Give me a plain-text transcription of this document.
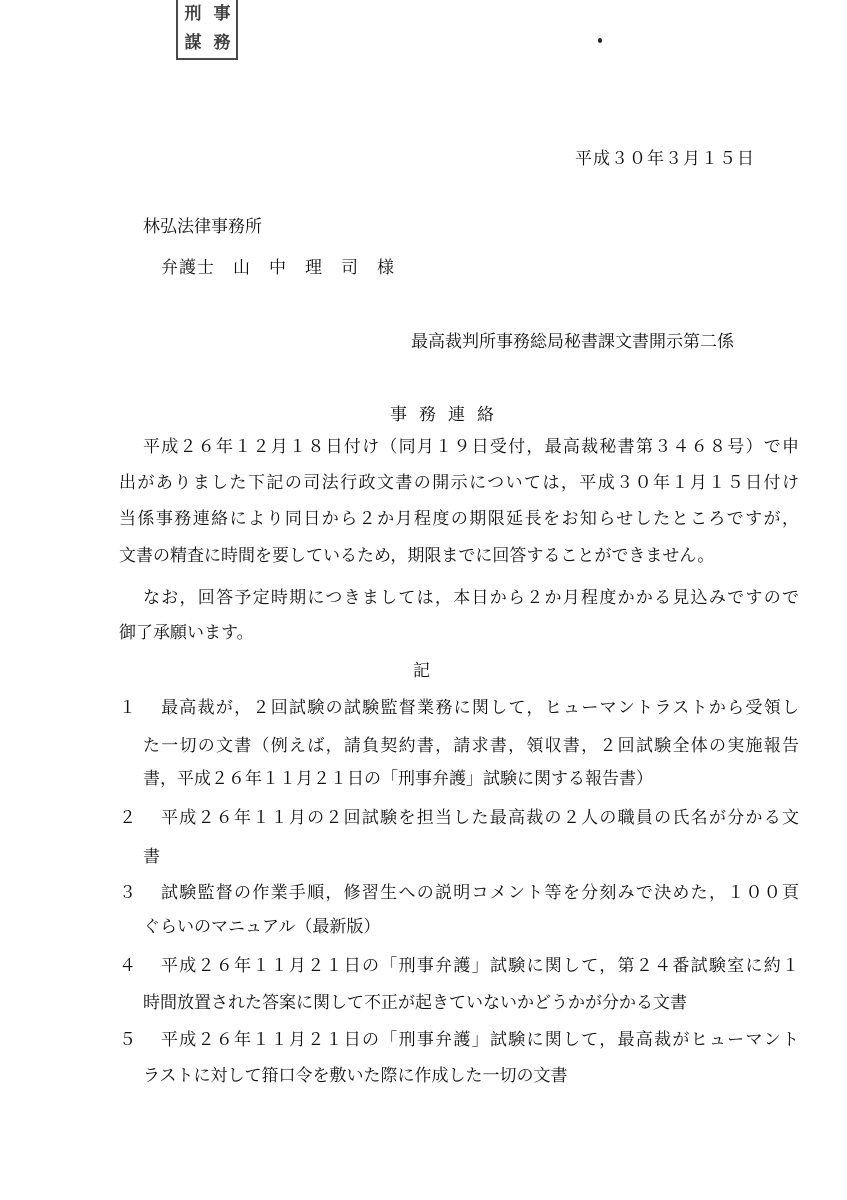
刑 事
謀 務
平成３０年３月１５日
林弘法律事務所
弁護士　山　中　理　司　様
最高裁判所事務総局秘書課文書開示第二係
事務連絡
平成２６年１２月１８日付け（同月１９日受付，最高裁秘書第３４６８号）で申
出がありました下記の司法行政文書の開示については，平成３０年１月１５日付け
当係事務連絡により同日から２か月程度の期限延長をお知らせしたところですが，
文書の精査に時間を要しているため，期限までに回答することができません。
なお，回答予定時期につきましては，本日から２か月程度かかる見込みですので
御了承願います。
記
１ 最高裁が，２回試験の試験監督業務に関して，ヒューマントラストから受領し
た一切の文書（例えば，請負契約書，請求書，領収書，２回試験全体の実施報告
書，平成２６年１１月２１日の「刑事弁護」試験に関する報告書）
２ 平成２６年１１月の２回試験を担当した最高裁の２人の職員の氏名が分かる文
書
３ 試験監督の作業手順，修習生への説明コメント等を分刻みで決めた，１００頁
ぐらいのマニュアル（最新版）
４ 平成２６年１１月２１日の「刑事弁護」試験に関して，第２４番試験室に約１
時間放置された答案に関して不正が起きていないかどうかが分かる文書
５ 平成２６年１１月２１日の「刑事弁護」試験に関して，最高裁がヒューマント
ラストに対して箝口令を敷いた際に作成した一切の文書
